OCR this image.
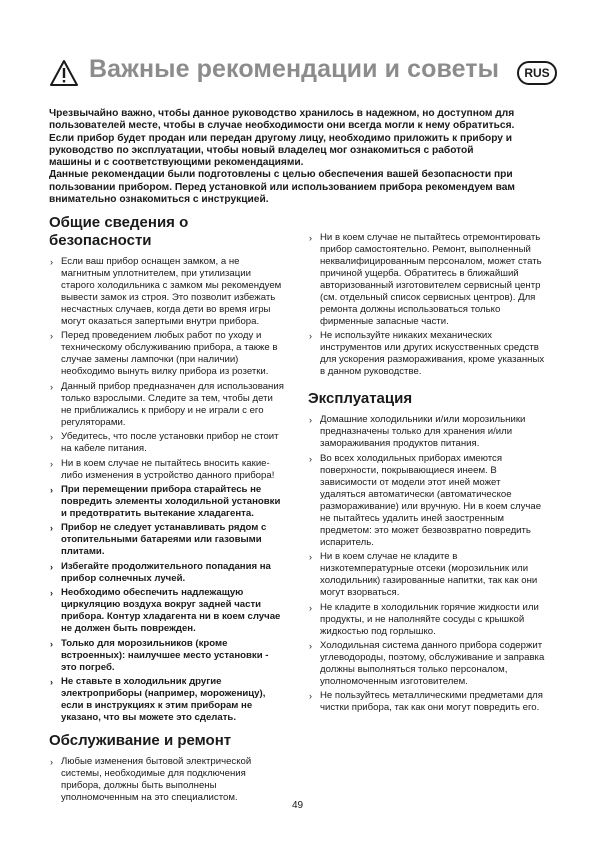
Важные рекомендации и советы	RUS

Чрезвычайно важно, чтобы данное руководство хранилось в надежном, но доступном для пользователей месте, чтобы в случае необходимости они всегда могли к нему обратиться. Если прибор будет продан или передан другому лицу, необходимо приложить к прибору и руководство по эксплуатации, чтобы новый владелец мог ознакомиться с работой машины и с соответствующими рекомендациями.

Данные рекомендации были подготовлены с целью обеспечения вашей безопасности при пользовании прибором. Перед установкой или использованием прибора рекомендуем вам внимательно ознакомиться с инструкцией.

Общие сведения о безопасности
› Если ваш прибор оснащен замком, а не магнитным уплотнителем, при утилизации старого холодильника с замком мы рекомендуем вывести замок из строя. Это позволит избежать несчастных случаев, когда дети во время игры могут оказаться запертыми внутри прибора.
› Перед проведением любых работ по уходу и техническому обслуживанию прибора, а также в случае замены лампочки (при наличии) необходимо вынуть вилку прибора из розетки.
› Данный прибор предназначен для использования только взрослыми. Следите за тем, чтобы дети не приближались к прибору и не играли с его регуляторами.
› Убедитесь, что после установки прибор не стоит на кабеле питания.
› Ни в коем случае не пытайтесь вносить какие-либо изменения в устройство данного прибора!
› При перемещении прибора старайтесь не повредить элементы холодильной установки и предотвратить вытекание хладагента.
› Прибор не следует устанавливать рядом с отопительными батареями или газовыми плитами.
› Избегайте продолжительного попадания на прибор солнечных лучей.
› Необходимо обеспечить надлежащую циркуляцию воздуха вокруг задней части прибора. Контур хладагента ни в коем случае не должен быть поврежден.
› Только для морозильников (кроме встроенных): наилучшее место установки - это погреб.
› Не ставьте в холодильник другие электроприборы (например, мороженицу), если в инструкциях к этим приборам не указано, что вы можете это сделать.
Обслуживание и ремонт
› Любые изменения бытовой электрической системы, необходимые для подключения прибора, должны быть выполнены уполномоченным на это специалистом.
› Ни в коем случае не пытайтесь отремонтировать прибор самостоятельно. Ремонт, выполненный неквалифицированным персоналом, может стать причиной ущерба. Обратитесь в ближайший авторизованный изготовителем сервисный центр (см. отдельный список сервисных центров). Для ремонта должны использоваться только фирменные запасные части.
› Не используйте никаких механических инструментов или других искусственных средств для ускорения размораживания, кроме указанных в данном руководстве.
Эксплуатация
› Домашние холодильники и/или морозильники предназначены только для хранения и/или замораживания продуктов питания.
› Во всех холодильных приборах имеются поверхности, покрывающиеся инеем. В зависимости от модели этот иней может удаляться автоматически (автоматическое размораживание) или вручную. Ни в коем случае не пытайтесь удалить иней заостренным предметом: это может безвозвратно повредить испаритель.
› Ни в коем случае не кладите в низкотемпературные отсеки (морозильник или холодильник) газированные напитки, так как они могут взорваться.
› Не кладите в холодильник горячие жидкости или продукты, и не наполняйте сосуды с крышкой жидкостью под горлышко.
› Холодильная система данного прибора содержит углеводороды, поэтому, обслуживание и заправка должны выполняться только персоналом, уполномоченным изготовителем.
› Не пользуйтесь металлическими предметами для чистки прибора, так как они могут повредить его.
49
